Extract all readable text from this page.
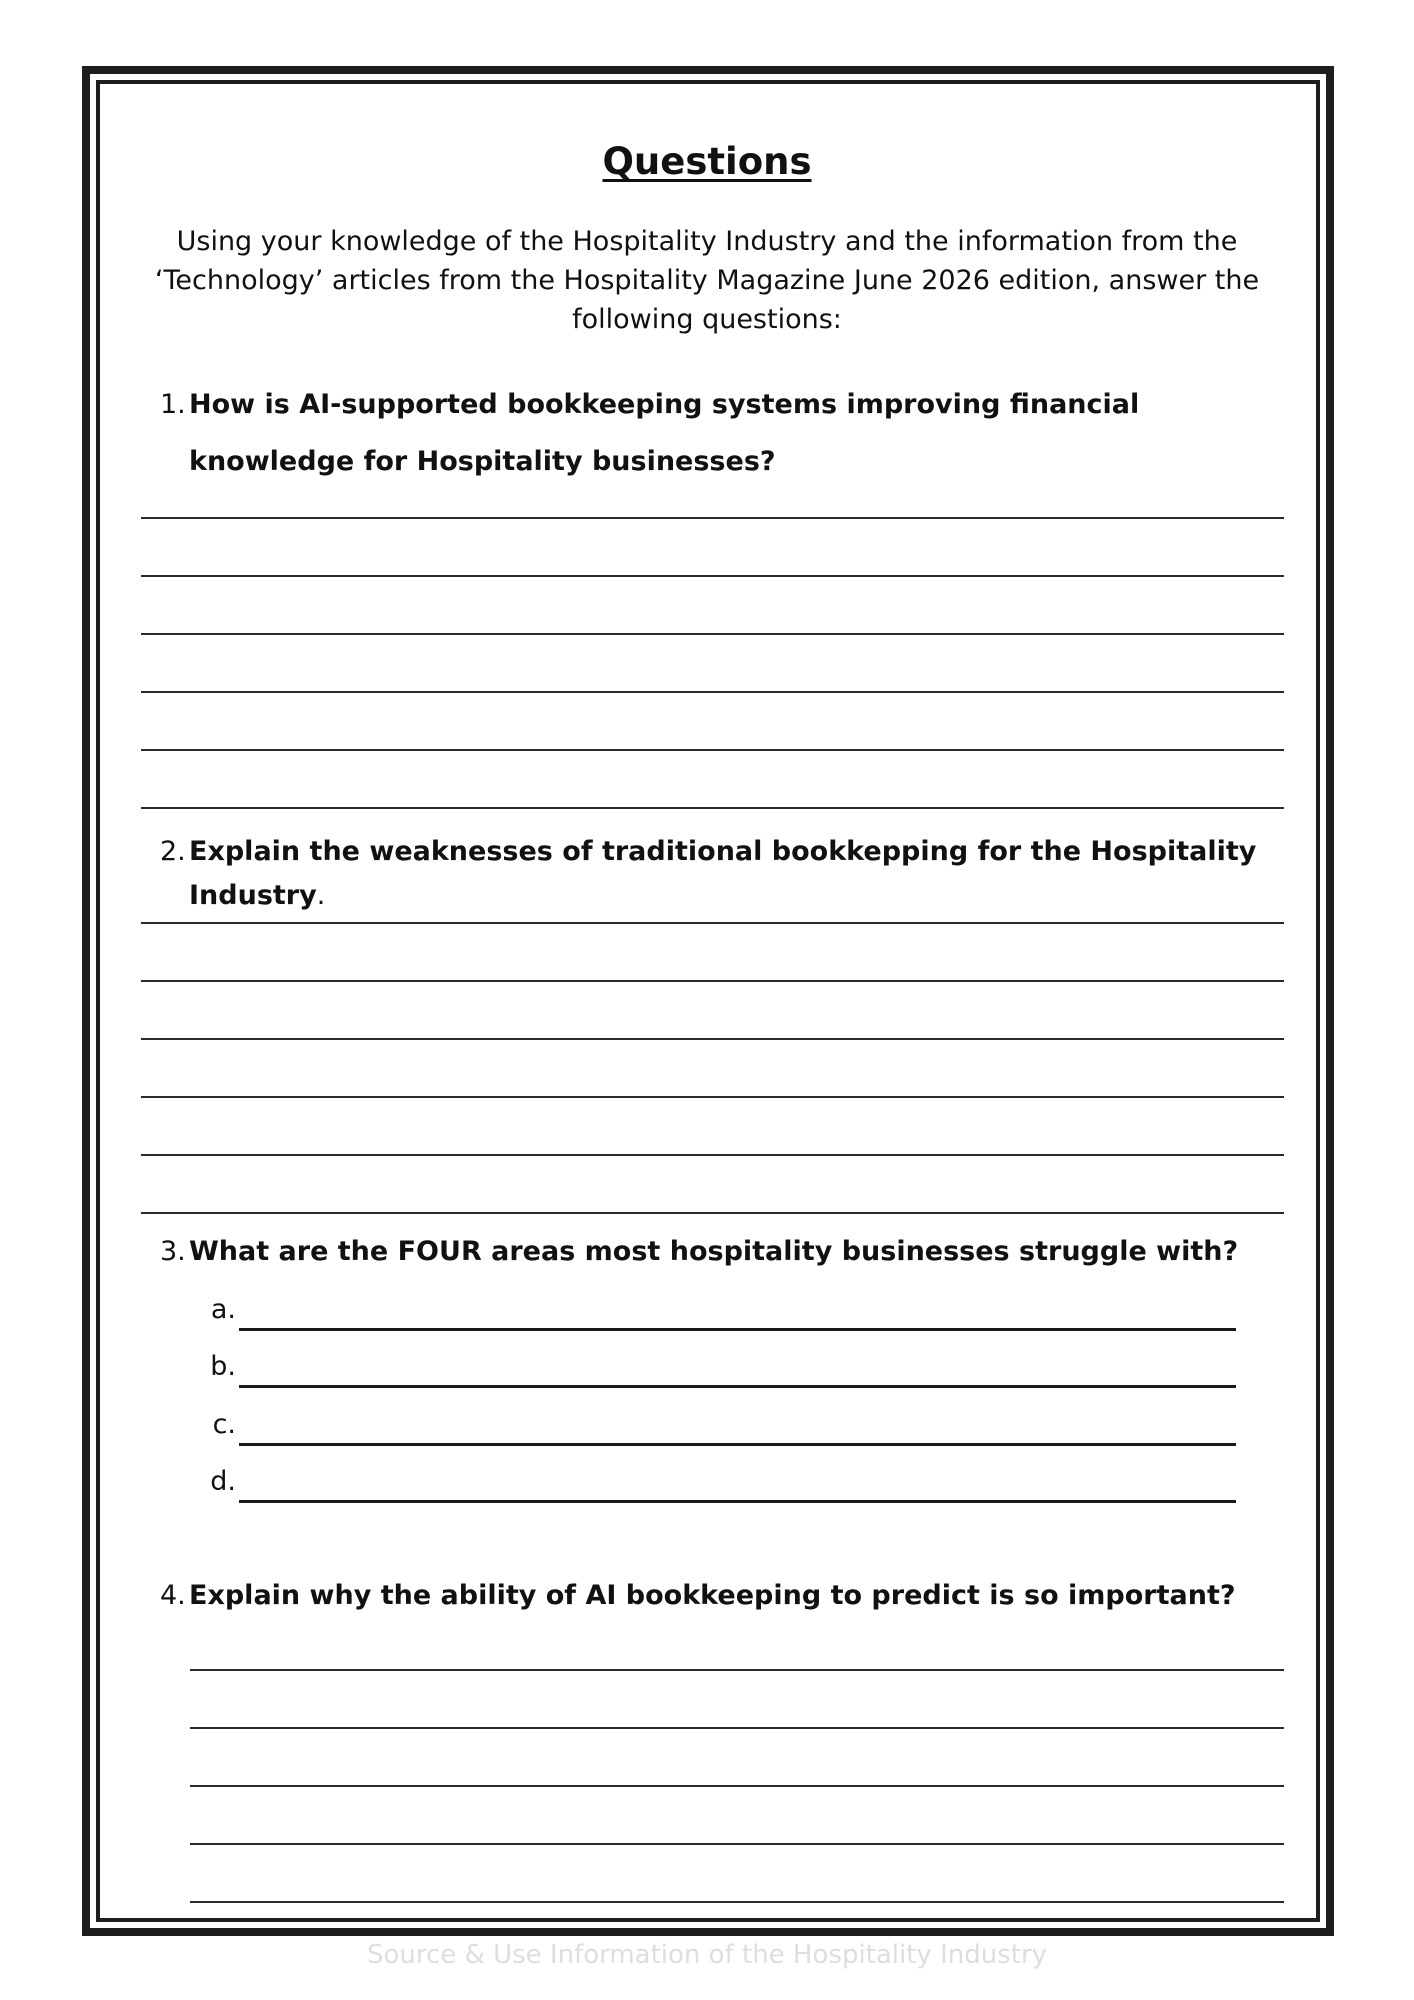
Questions

Using your knowledge of the Hospitality Industry and the information from the ‘Technology’ articles from the Hospitality Magazine June 2026 edition, answer the following questions:

1. How is AI-supported bookkeeping systems improving financial knowledge for Hospitality businesses?
2. Explain the weaknesses of traditional bookkepping for the Hospitality Industry.
3. What are the FOUR areas most hospitality businesses struggle with?
a.
b.
c.
d.
4. Explain why the ability of AI bookkeeping to predict is so important?

Source & Use Information of the Hospitality Industry
